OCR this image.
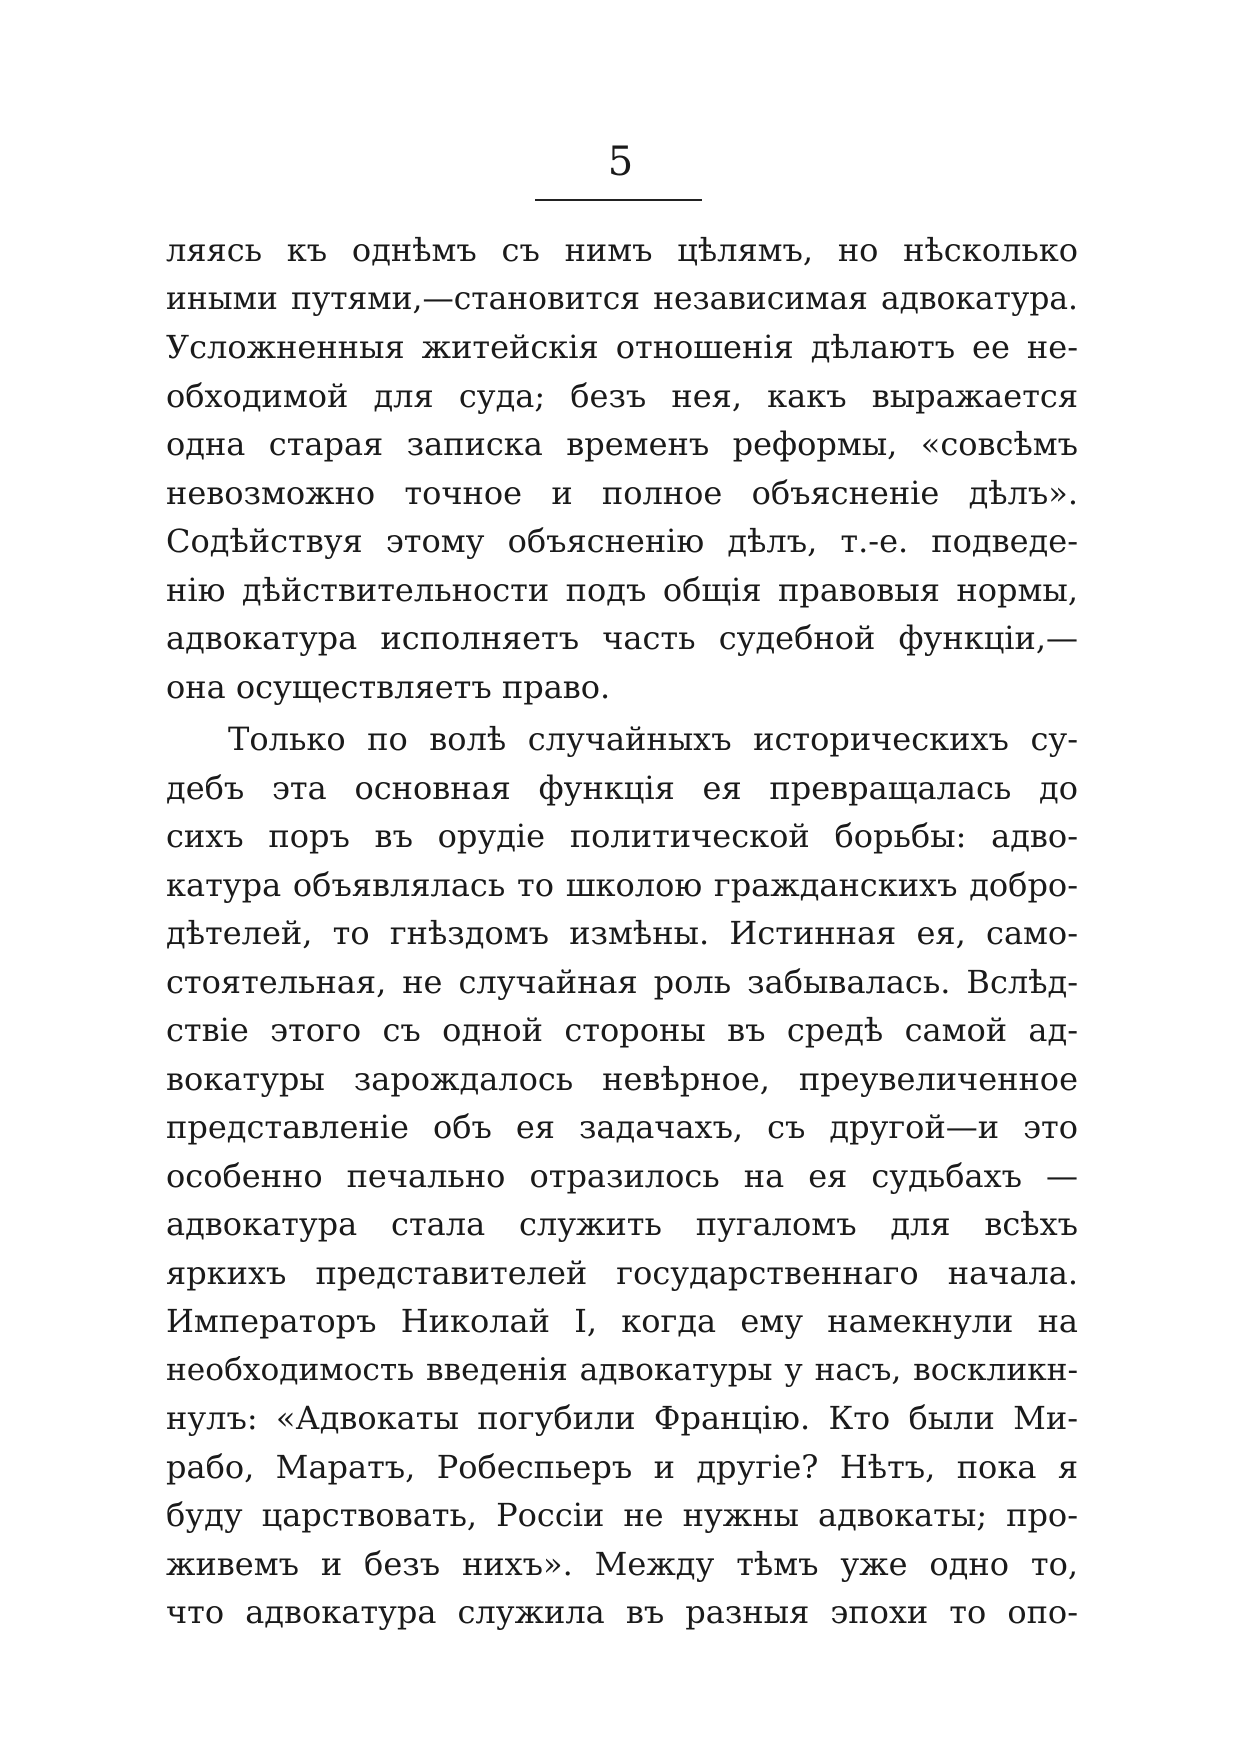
5
ляясь къ однѣмъ съ нимъ цѣлямъ, но нѣсколько
иными путями,—становится независимая адвокатура.
Усложненныя житейскія отношенія дѣлаютъ ее не-
обходимой для суда; безъ нея, какъ выражается
одна старая записка временъ реформы, «совсѣмъ
невозможно точное и полное объясненіе дѣлъ».
Содѣйствуя этому объясненію дѣлъ, т.-е. подведе-
нію дѣйствительности подъ общія правовыя нормы,
адвокатура исполняетъ часть судебной функціи,—
она осуществляетъ право.
Только по волѣ случайныхъ историческихъ су-
дебъ эта основная функція ея превращалась до
сихъ поръ въ орудіе политической борьбы: адво-
катура объявлялась то школою гражданскихъ добро-
дѣтелей, то гнѣздомъ измѣны. Истинная ея, само-
стоятельная, не случайная роль забывалась. Вслѣд-
ствіе этого съ одной стороны въ средѣ самой ад-
вокатуры зарождалось невѣрное, преувеличенное
представленіе объ ея задачахъ, съ другой—и это
особенно печально отразилось на ея судьбахъ —
адвокатура стала служить пугаломъ для всѣхъ
яркихъ представителей государственнаго начала.
Императоръ Николай I, когда ему намекнули на
необходимость введенія адвокатуры у насъ, воскликн-
нулъ: «Адвокаты погубили Францію. Кто были Ми-
рабо, Маратъ, Робеспьеръ и другіе? Нѣтъ, пока я
буду царствовать, Россіи не нужны адвокаты; про-
живемъ и безъ нихъ». Между тѣмъ уже одно то,
что адвокатура служила въ разныя эпохи то опо-
